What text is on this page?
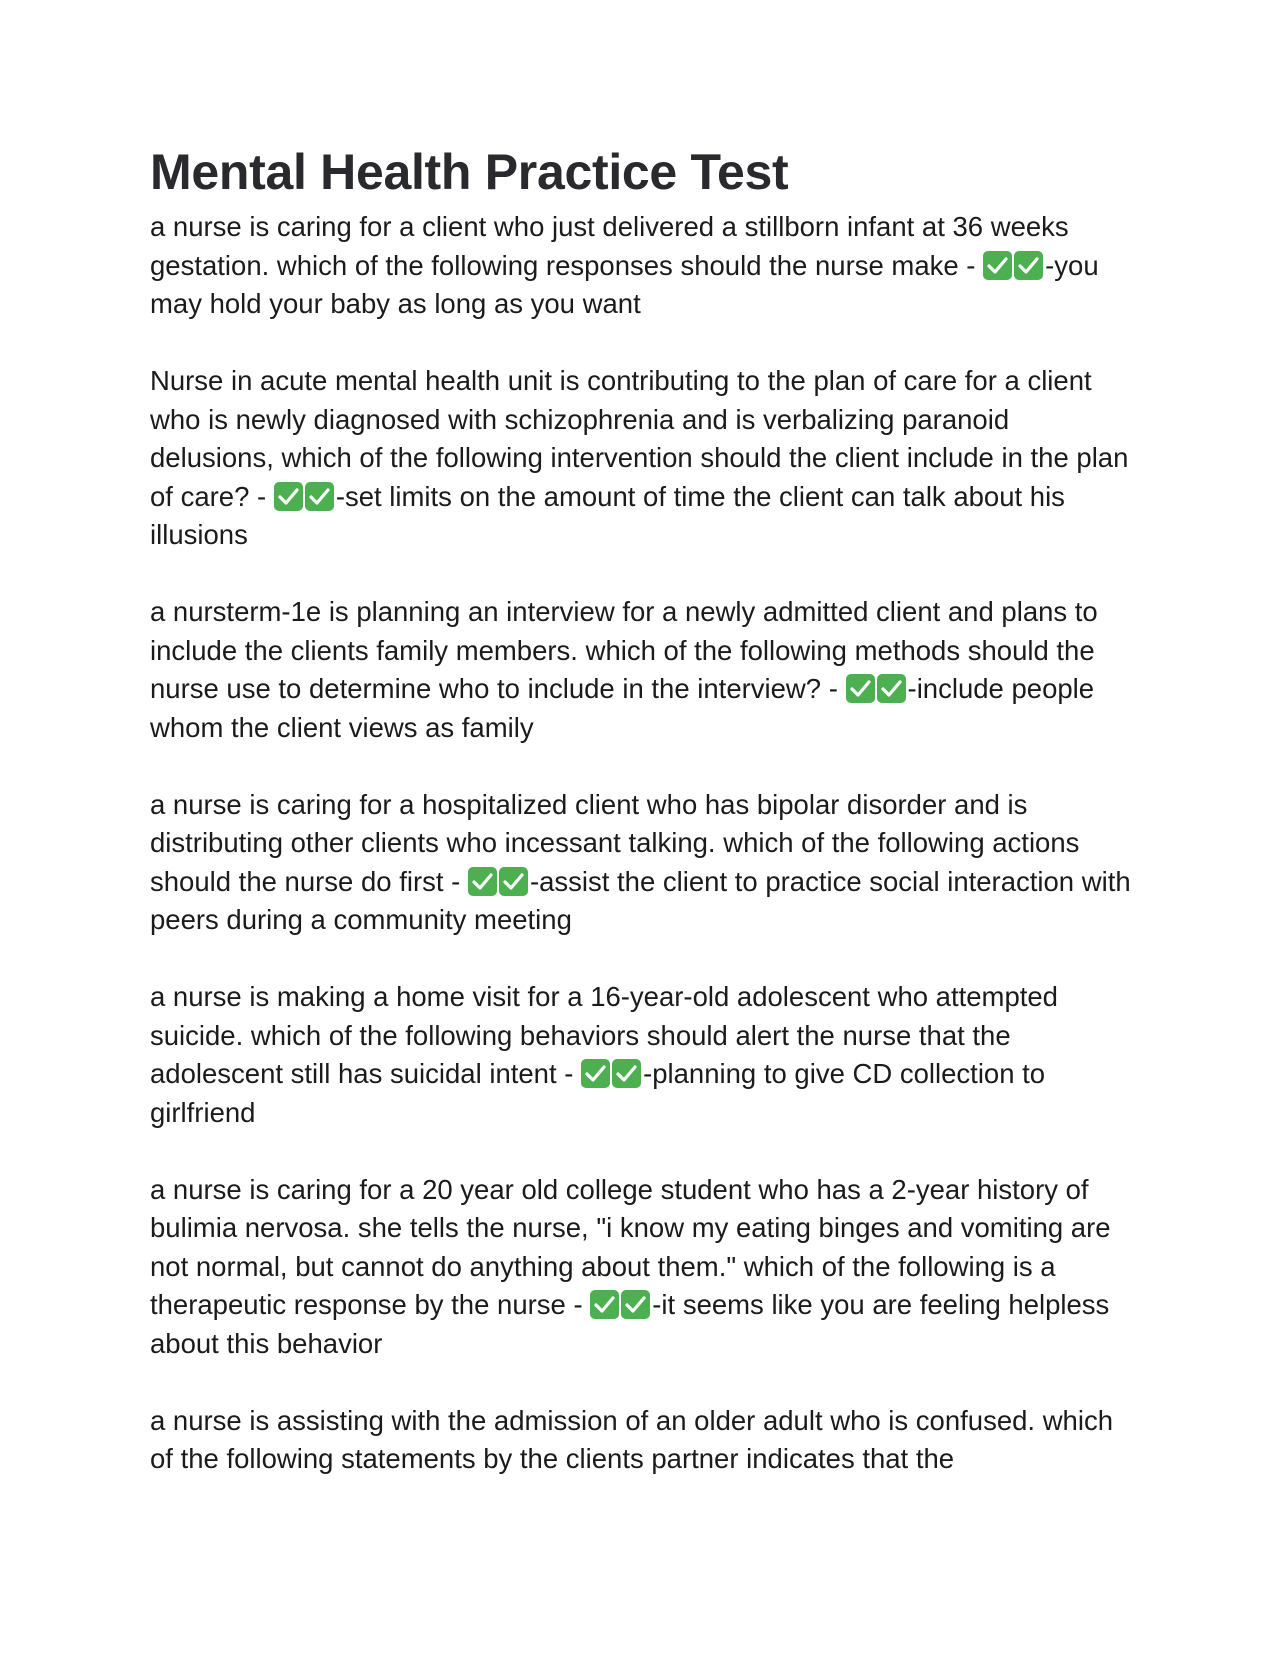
Mental Health Practice Test

a nurse is caring for a client who just delivered a stillborn infant at 36 weeks gestation. which of the following responses should the nurse make -	-you may hold your baby as long as you want

Nurse in acute mental health unit is contributing to the plan of care for a client who is newly diagnosed with schizophrenia and is verbalizing paranoid delusions, which of the following intervention should the client include in the plan of care? -	-set limits on the amount of time the client can talk about his illusions

a nursterm-1e is planning an interview for a newly admitted client and plans to include the clients family members. which of the following methods should the nurse use to determine who to include in the interview? -	-include people whom the client views as family

a nurse is caring for a hospitalized client who has bipolar disorder and is distributing other clients who incessant talking. which of the following actions should the nurse do first -	-assist the client to practice social interaction with peers during a community meeting

a nurse is making a home visit for a 16-year-old adolescent who attempted suicide. which of the following behaviors should alert the nurse that the adolescent still has suicidal intent -	-planning to give CD collection to girlfriend

a nurse is caring for a 20 year old college student who has a 2-year history of bulimia nervosa. she tells the nurse, "i know my eating binges and vomiting are not normal, but cannot do anything about them." which of the following is a therapeutic response by the nurse -	-it seems like you are feeling helpless about this behavior

a nurse is assisting with the admission of an older adult who is confused. which of the following statements by the clients partner indicates that the
